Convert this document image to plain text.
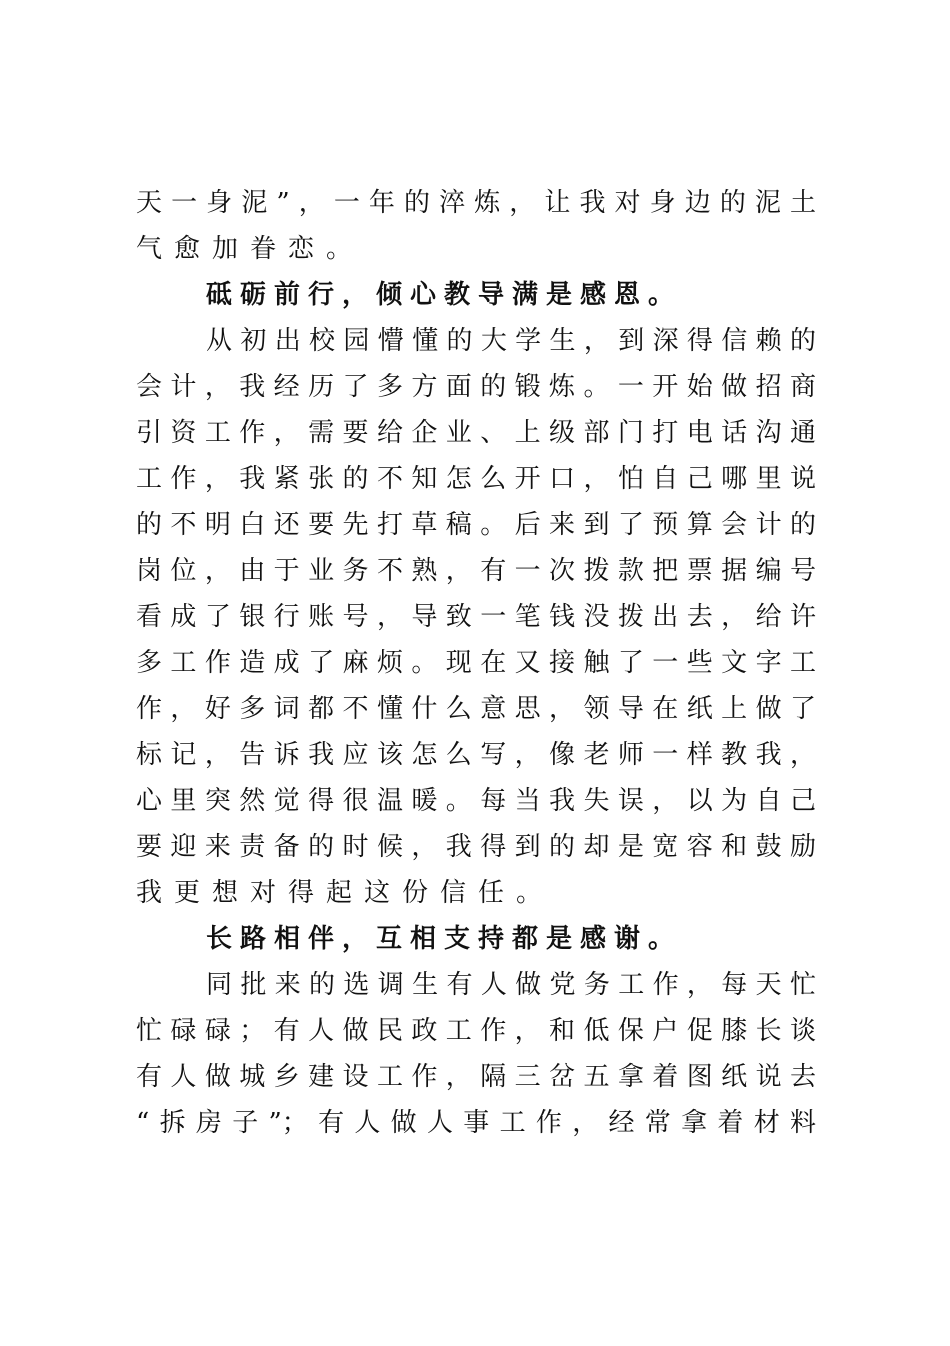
天一身泥”，一年的淬炼，让我对身边的泥土
气愈加眷恋。
砥砺前行，倾心教导满是感恩。
从初出校园懵懂的大学生，到深得信赖的
会计，我经历了多方面的锻炼。一开始做招商
引资工作，需要给企业、上级部门打电话沟通
工作，我紧张的不知怎么开口，怕自己哪里说
的不明白还要先打草稿。后来到了预算会计的
岗位，由于业务不熟，有一次拨款把票据编号
看成了银行账号，导致一笔钱没拨出去，给许
多工作造成了麻烦。现在又接触了一些文字工
作，好多词都不懂什么意思，领导在纸上做了
标记，告诉我应该怎么写，像老师一样教我，
心里突然觉得很温暖。每当我失误，以为自己
要迎来责备的时候，我得到的却是宽容和鼓励
我更想对得起这份信任。
长路相伴，互相支持都是感谢。
同批来的选调生有人做党务工作，每天忙
忙碌碌；有人做民政工作，和低保户促膝长谈
有人做城乡建设工作，隔三岔五拿着图纸说去
“拆房子”；有人做人事工作，经常拿着材料
